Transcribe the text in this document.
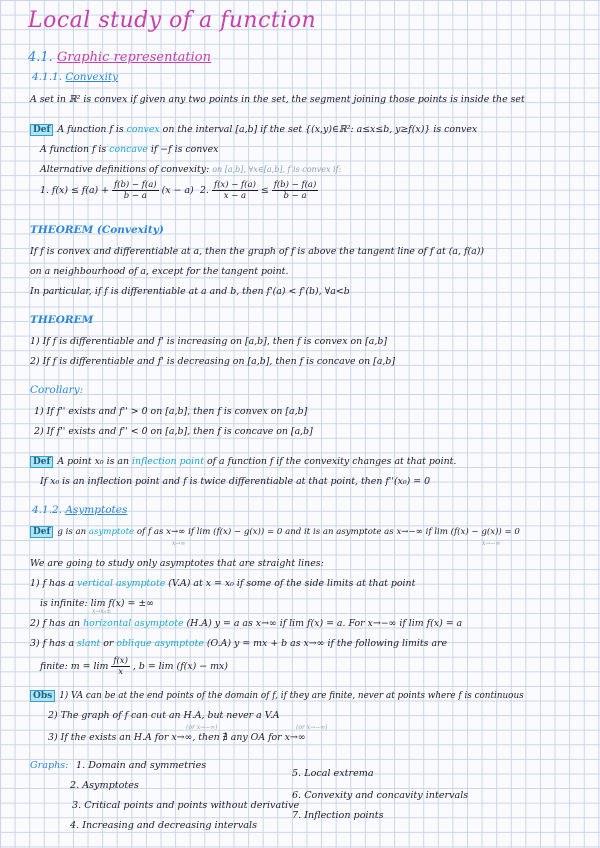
Local study of a function
4.1. Graphic representation
4.1.1. Convexity
A set in ℝ² is convex if given any two points in the set, the segment joining those points is inside the set
Def A function f is convex on the interval [a,b] if the set {(x,y)∈ℝ²: a≤x≤b, y≥f(x)} is convex
A function f is concave if −f is convex
Alternative definitions of convexity: on [a,b], ∀x∈[a,b], f is convex if:
1. $f(x) \le f(a) + \frac{f(b) - f(a)}{b - a} (x - a)$ 2. $\frac{f(x) - f(a)}{x - a} \le \frac{f(b) - f(a)}{b - a}$
THEOREM (Convexity)
If f is convex and differentiable at a, then the graph of f is above the tangent line of f at (a, f(a))
on a neighbourhood of a, except for the tangent point.
In particular, if f is differentiable at a and b, then f'(a) < f'(b), ∀a<b
THEOREM
1) If f is differentiable and f' is increasing on [a,b], then f is convex on [a,b]
2) If f is differentiable and f' is decreasing on [a,b], then f is concave on [a,b]
Corollary:
1) If f'' exists and f'' > 0 on [a,b], then f is convex on [a,b]
2) If f'' exists and f'' < 0 on [a,b], then f is concave on [a,b]
Def A point x₀ is an inflection point of a function f if the convexity changes at that point.
If x₀ is an inflection point and f is twice differentiable at that point, then f''(x₀) = 0
4.1.2. Asymptotes
Def g is an asymptote of f as x→∞ if lim (f(x) − g(x)) = 0 and it is an asymptote as x→−∞ if lim (f(x) − g(x)) = 0
x→∞	x→−∞
We are going to study only asymptotes that are straight lines:
1) f has a vertical asymptote (V.A) at x = x₀ if some of the side limits at that point
is infinite: lim f(x) = ±∞
x→x₀±
2) f has an horizontal asymptote (H.A) y = a as x→∞ if lim f(x) = a. For x→−∞ if lim f(x) = a
3) f has a slant or oblique asymptote (O.A) y = mx + b as x→∞ if the following limits are
finite: $m = \lim \frac{f(x)}{x}$ , b = lim (f(x) − mx)
Obs 1) VA can be at the end points of the domain of f, if they are finite, never at points where f is continuous
2) The graph of f can cut an H.A, but never a V.A
(or x→−∞)	(or x→−∞)
3) If the exists an H.A for x→∞, then ∄ any OA for x→∞
Graphs: 1. Domain and symmetries
2. Asymptotes
3. Critical points and points without derivative
4. Increasing and decreasing intervals
5. Local extrema
6. Convexity and concavity intervals
7. Inflection points
